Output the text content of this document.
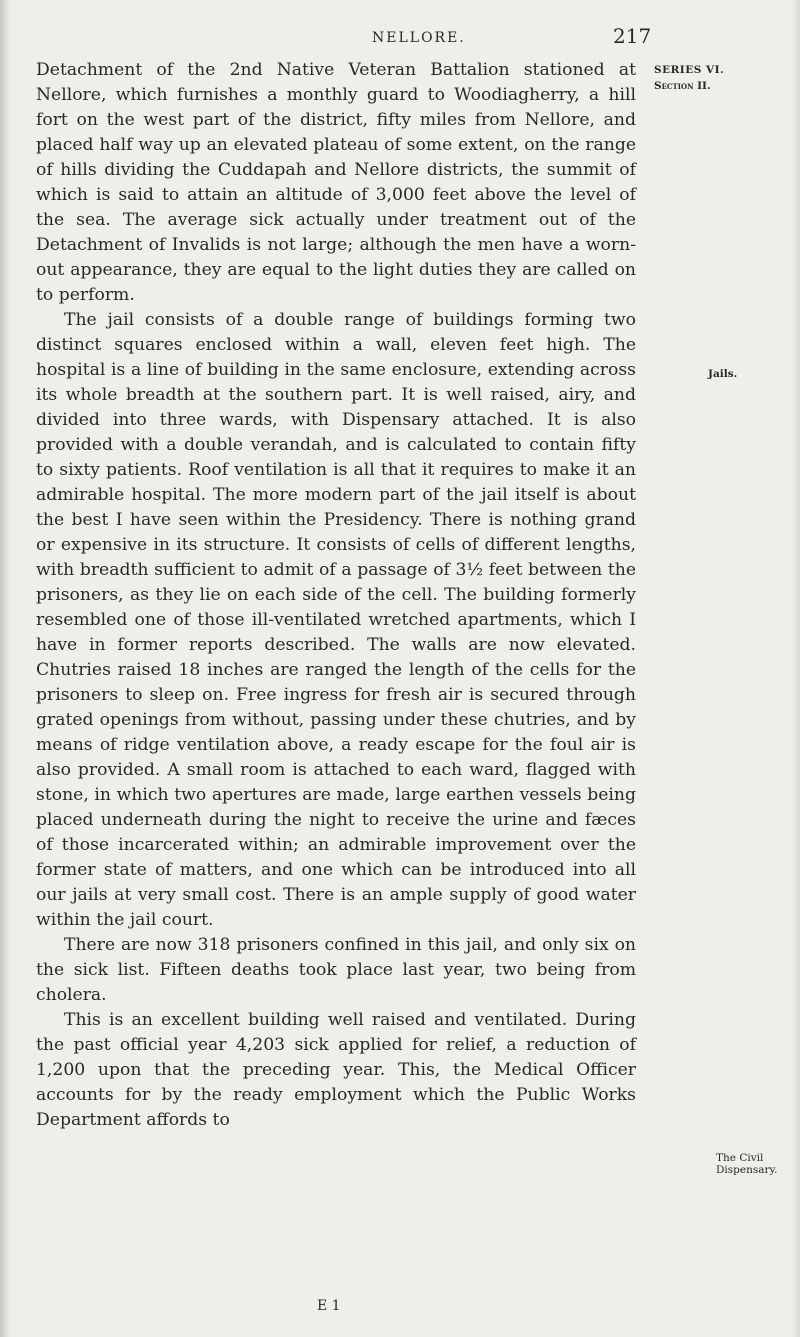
NELLORE.	217

Detachment of the 2nd Native Veteran Battalion stationed at Nellore, which furnishes a monthly guard to Woodiagherry, a hill fort on the west part of the district, fifty miles from Nellore, and placed half way up an elevated plateau of some extent, on the range of hills dividing the Cuddapah and Nellore districts, the summit of which is said to attain an altitude of 3,000 feet above the level of the sea. The average sick actually under treatment out of the Detachment of Invalids is not large; although the men have a worn-out appearance, they are equal to the light duties they are called on to perform.

The jail consists of a double range of buildings forming two distinct squares enclosed within a wall, eleven feet high. The hospital is a line of building in the same enclosure, extending across its whole breadth at the southern part. It is well raised, airy, and divided into three wards, with Dispensary attached. It is also provided with a double verandah, and is calculated to contain fifty to sixty patients. Roof ventilation is all that it requires to make it an admirable hospital. The more modern part of the jail itself is about the best I have seen within the Presidency. There is nothing grand or expensive in its structure. It consists of cells of different lengths, with breadth sufficient to admit of a passage of 3½ feet between the prisoners, as they lie on each side of the cell. The building formerly resembled one of those ill-ventilated wretched apartments, which I have in former reports described. The walls are now elevated. Chutries raised 18 inches are ranged the length of the cells for the prisoners to sleep on. Free ingress for fresh air is secured through grated openings from without, passing under these chutries, and by means of ridge ventilation above, a ready escape for the foul air is also provided. A small room is attached to each ward, flagged with stone, in which two apertures are made, large earthen vessels being placed underneath during the night to receive the urine and fæces of those incarcerated within; an admirable improvement over the former state of matters, and one which can be introduced into all our jails at very small cost. There is an ample supply of good water within the jail court.

There are now 318 prisoners confined in this jail, and only six on the sick list. Fifteen deaths took place last year, two being from cholera.

This is an excellent building well raised and ventilated. During the past official year 4,203 sick applied for relief, a reduction of 1,200 upon that the preceding year. This, the Medical Officer accounts for by the ready employment which the Public Works Department affords to

SERIES VI.
Section II.
Jails.
The Civil Dispensary.
E 1
